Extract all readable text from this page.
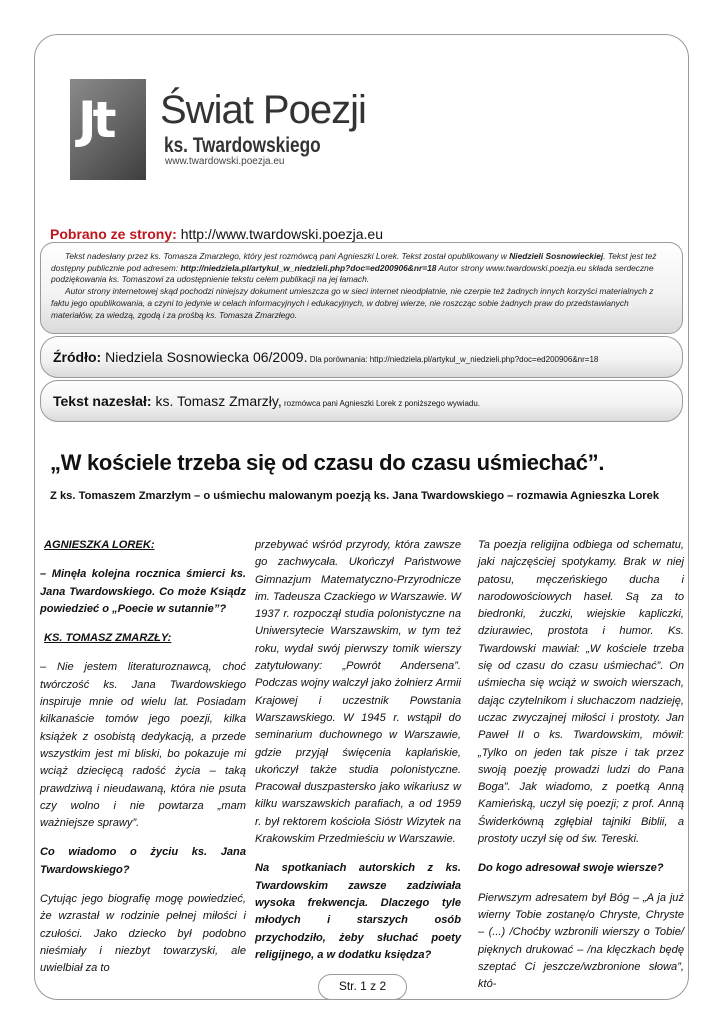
Jt Świat Poezji
ks. Twardowskiego
www.twardowski.poezja.eu
Pobrano ze strony: http://www.twardowski.poezja.eu

Tekst nadesłany przez ks. Tomasza Zmarzłego, który jest rozmówcą pani Agnieszki Lorek. Tekst został opublikowany w Niedzieli Sosnowieckiej. Tekst jest też dostępny publicznie pod adresem: http://niedziela.pl/artykul_w_niedzieli.php?doc=ed200906&nr=18 Autor strony www.twardowski.poezja.eu składa serdeczne podziękowania ks. Tomaszowi za udostępnienie tekstu celem publikacji na jej łamach.

Autor strony internetowej skąd pochodzi niniejszy dokument umieszcza go w sieci internet nieodpłatnie, nie czerpie też żadnych innych korzyści materialnych z faktu jego opublikowania, a czyni to jedynie w celach informacyjnych i edukacyjnych, w dobrej wierze, nie roszcząc sobie żadnych praw do przedstawianych materiałów, za wiedzą, zgodą i za prośbą ks. Tomasza Zmarzłego.

Źródło: Niedziela Sosnowiecka 06/2009. Dla porównania: http://niedziela.pl/artykul_w_niedzieli.php?doc=ed200906&nr=18
Tekst nazesłał: ks. Tomasz Zmarzły, rozmówca pani Agnieszki Lorek z poniższego wywiadu.
„W kościele trzeba się od czasu do czasu uśmiechać”.
Z ks. Tomaszem Zmarzłym – o uśmiechu malowanym poezją ks. Jana Twardowskiego – rozmawia Agnieszka Lorek

AGNIESZKA LOREK:

– Minęła kolejna rocznica śmierci ks. Jana Twardowskiego. Co może Ksiądz powiedzieć o „Poecie w sutannie”?

KS. TOMASZ ZMARZŁY:

– Nie jestem literaturoznawcą, choć twórczość ks. Jana Twardowskiego inspiruje mnie od wielu lat. Posiadam kilkanaście tomów jego poezji, kilka książek z osobistą dedykacją, a przede wszystkim jest mi bliski, bo pokazuje mi wciąż dziecięcą radość życia – taką prawdziwą i nieudawaną, która nie psuta czy wolno i nie powtarza „mam ważniejsze sprawy”.

Co wiadomo o życiu ks. Jana Twardowskiego?

Cytując jego biografię mogę powiedzieć, że wzrastał w rodzinie pełnej miłości i czułości. Jako dziecko był podobno nieśmiały i niezbyt towarzyski, ale uwielbiał za to

przebywać wśród przyrody, która zawsze go zachwycała. Ukończył Państwowe Gimnazjum Matematyczno-Przyrodnicze im. Tadeusza Czackiego w Warszawie. W 1937 r. rozpoczął studia polonistyczne na Uniwersytecie Warszawskim, w tym też roku, wydał swój pierwszy tomik wierszy zatytułowany: „Powrót Andersena”. Podczas wojny walczył jako żołnierz Armii Krajowej i uczestnik Powstania Warszawskiego. W 1945 r. wstąpił do seminarium duchownego w Warszawie, gdzie przyjął święcenia kapłańskie, ukończył także studia polonistyczne. Pracował duszpastersko jako wikariusz w kilku warszawskich parafiach, a od 1959 r. był rektorem kościoła Sióstr Wizytek na Krakowskim Przedmieściu w Warszawie.

Na spotkaniach autorskich z ks. Twardowskim zawsze zadziwiała wysoka frekwencja. Dlaczego tyle młodych i starszych osób przychodziło, żeby słuchać poety religijnego, a w dodatku księdza?

Ta poezja religijna odbiega od schematu, jaki najczęściej spotykamy. Brak w niej patosu, męczeńskiego ducha i narodowościowych haseł. Są za to biedronki, żuczki, wiejskie kapliczki, dziurawiec, prostota i humor. Ks. Twardowski mawiał: „W kościele trzeba się od czasu do czasu uśmiechać”. On uśmiecha się wciąż w swoich wierszach, dając czytelnikom i słuchaczom nadzieję, uczac zwyczajnej miłości i prostoty. Jan Paweł II o ks. Twardowskim, mówił: „Tylko on jeden tak pisze i tak przez swoją poezję prowadzi ludzi do Pana Boga”. Jak wiadomo, z poetką Anną Kamieńską, uczył się poezji; z prof. Anną Świderkówną zgłębiał tajniki Biblii, a prostoty uczył się od św. Tereski.

Do kogo adresował swoje wiersze?

Pierwszym adresatem był Bóg – „A ja już wierny Tobie zostanę/o Chryste, Chryste – (...) /Choćby wzbronili wierszy o Tobie/ pięknych drukować – /na klęczkach będę szeptać Ci jeszcze/wzbronione słowa”, któ-

Str. 1 z 2
